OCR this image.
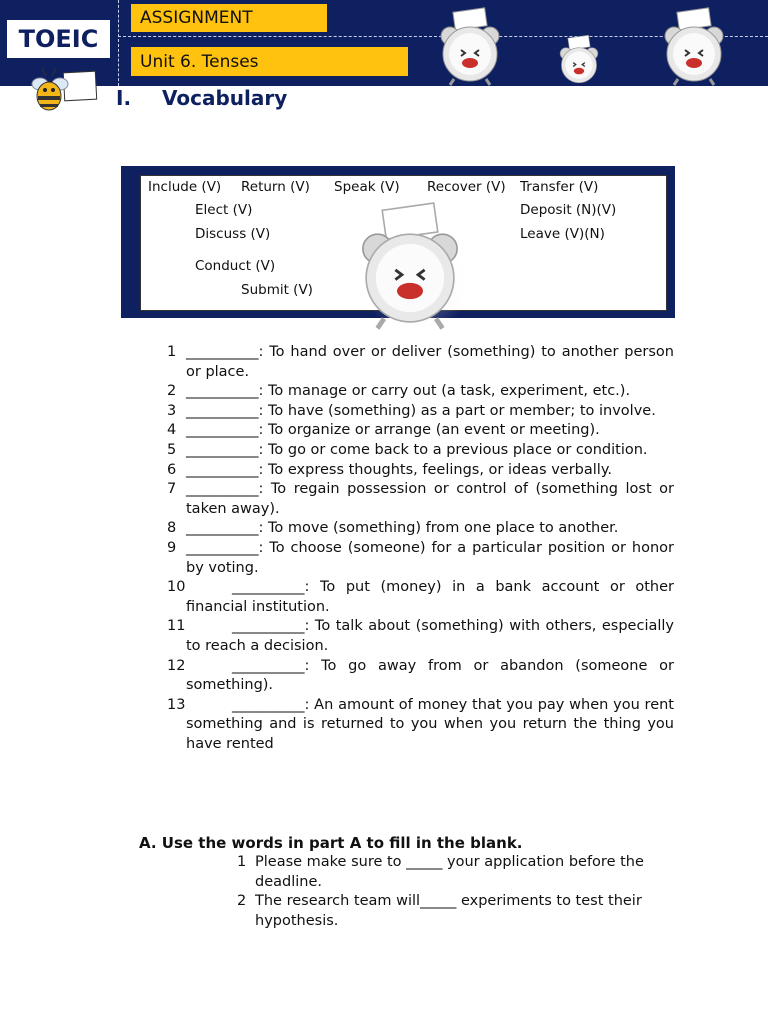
TOEIC
ASSIGNMENT
Unit 6. Tenses
I. Vocabulary
Include (V) Return (V) Speak (V) Recover (V) Transfer (V)
Elect (V)	Deposit (N)(V)
Discuss (V)	Leave (V)(N)
Conduct (V)
Submit (V)
1 __________: To hand over or deliver (something) to another person or place.
2 __________: To manage or carry out (a task, experiment, etc.).
3 __________: To have (something) as a part or member; to involve.
4 __________: To organize or arrange (an event or meeting).
5 __________: To go or come back to a previous place or condition.
6 __________: To express thoughts, feelings, or ideas verbally.
7 __________: To regain possession or control of (something lost or taken away).
8 __________: To move (something) from one place to another.
9 __________: To choose (someone) for a particular position or honor by voting.
10	__________: To put (money) in a bank account or other financial institution.
11	__________: To talk about (something) with others, especially to reach a decision.
12	__________: To go away from or abandon (someone or something).
13	__________: An amount of money that you pay when you rent something and is returned to you when you return the thing you have rented
A. Use the words in part A to fill in the blank.
1 Please make sure to _____ your application before the deadline.
2 The research team will_____ experiments to test their hypothesis.
